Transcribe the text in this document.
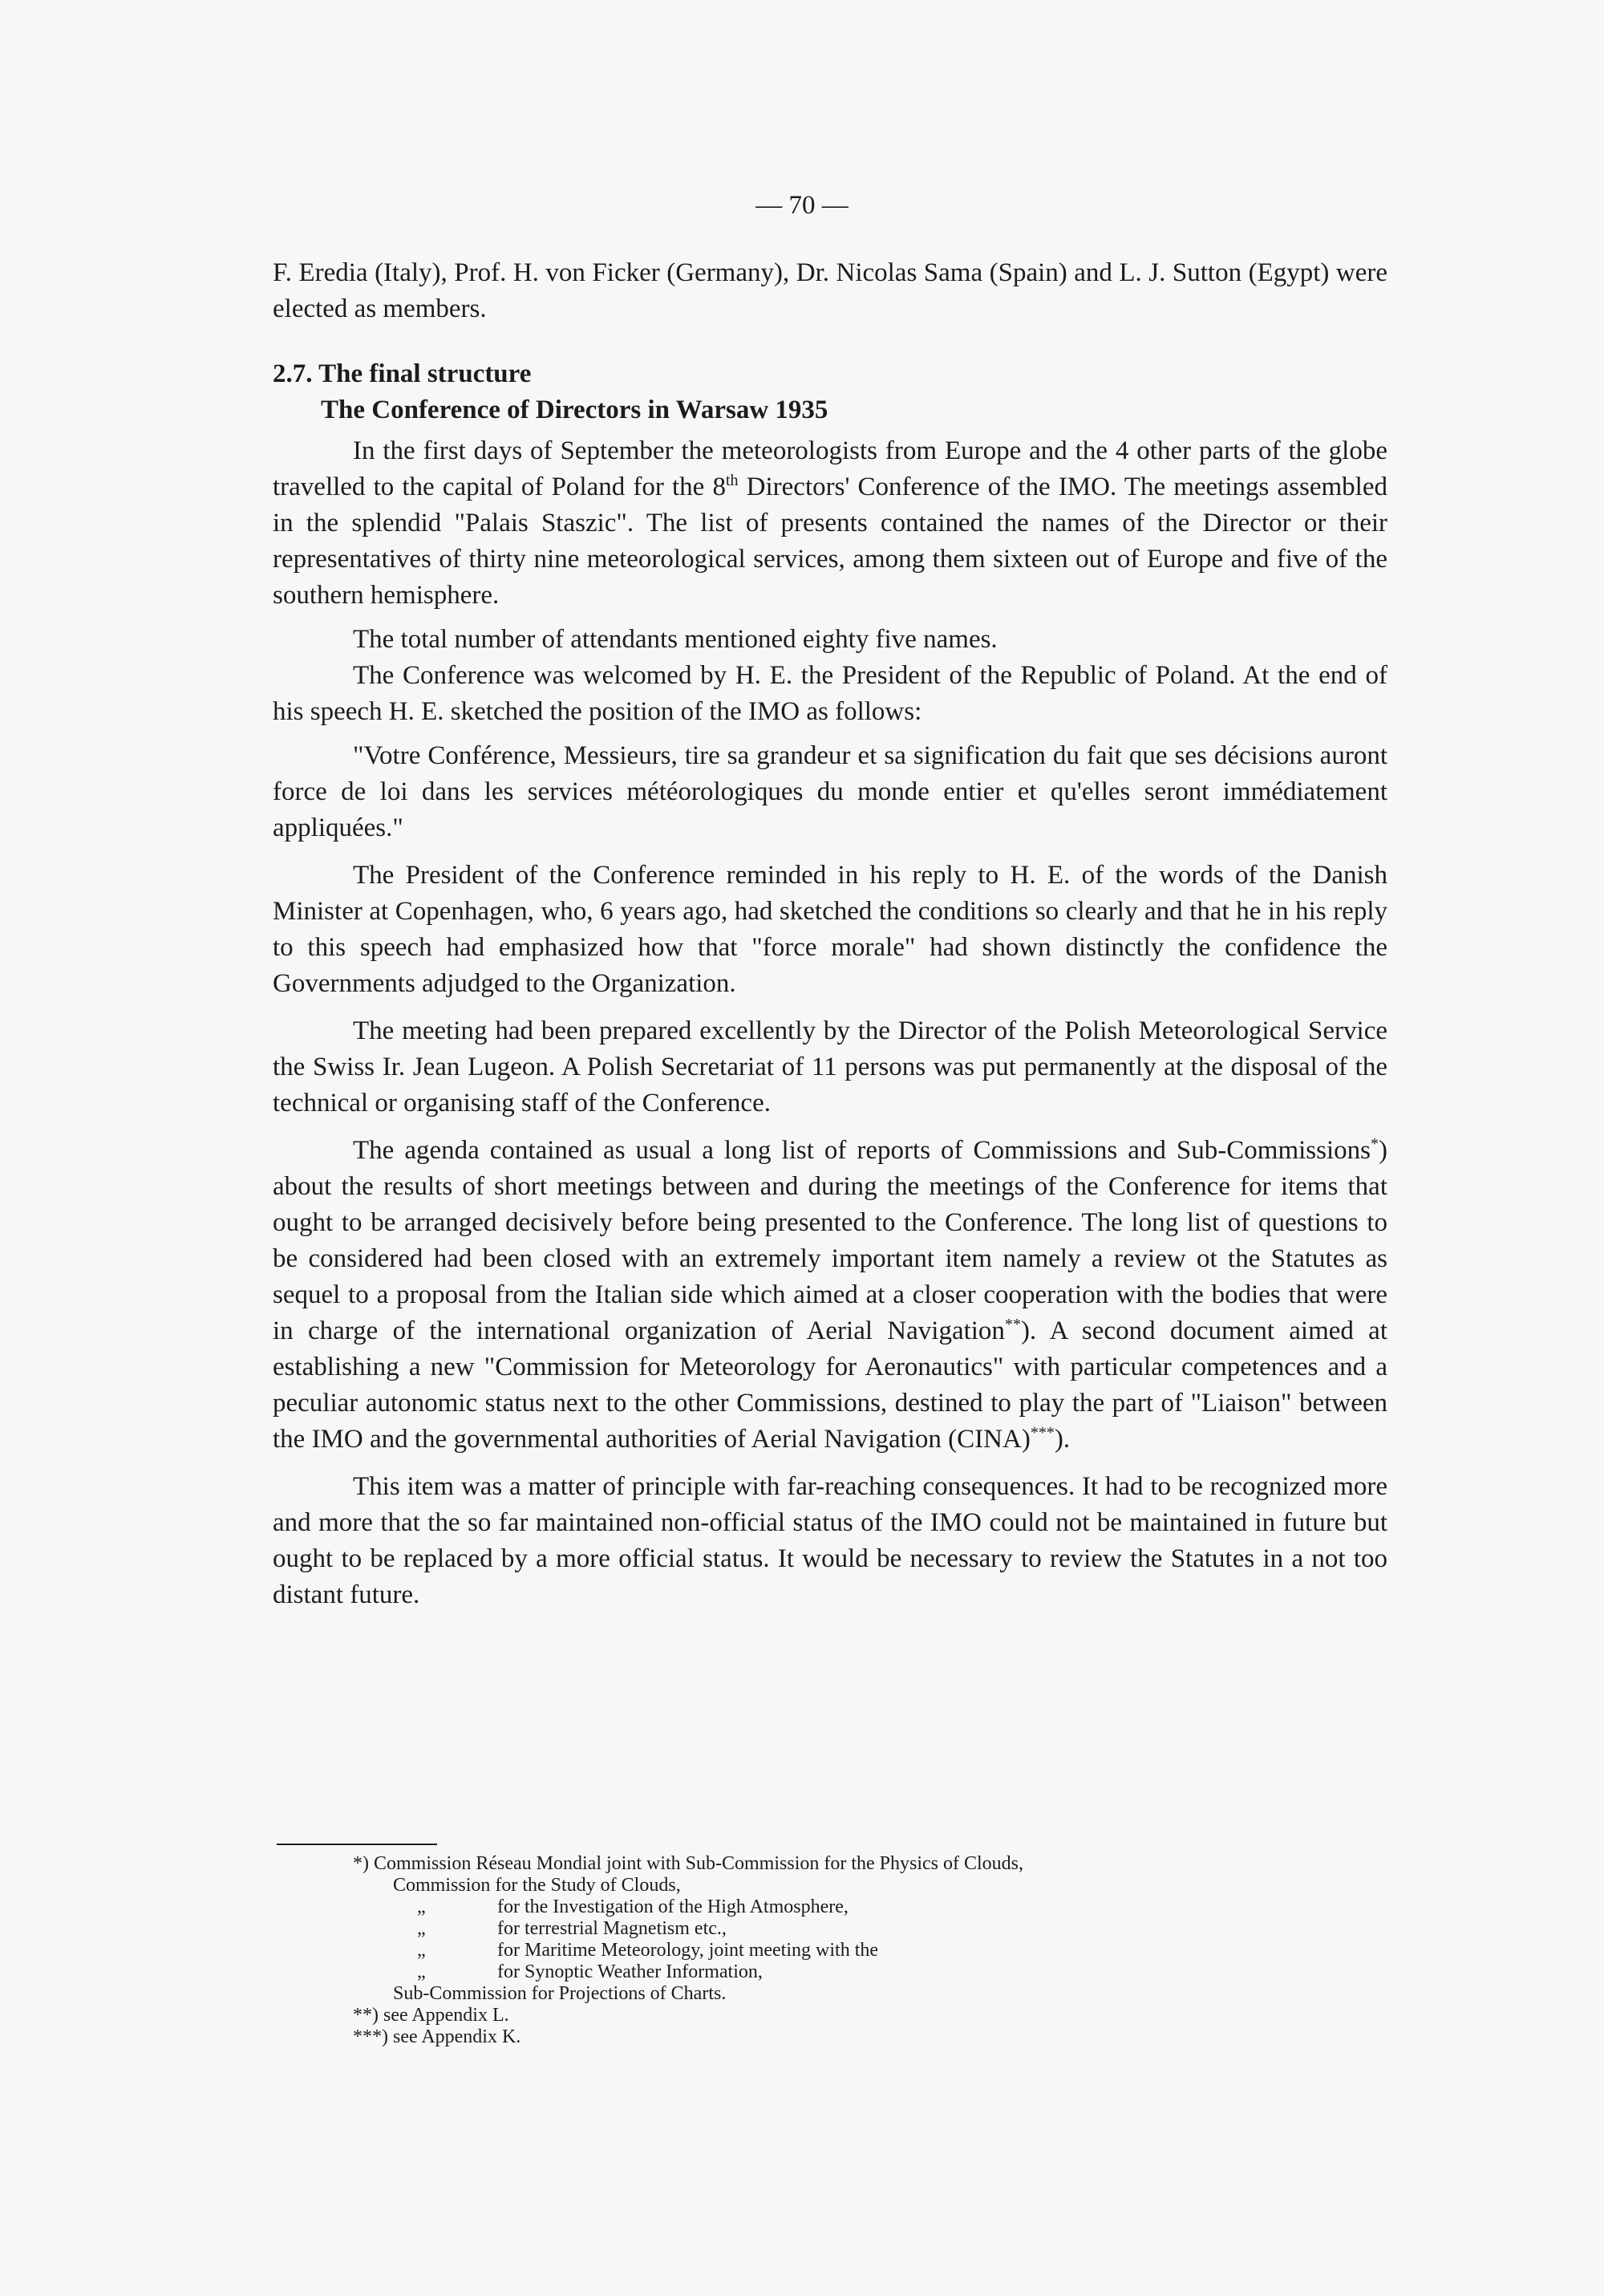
— 70 —

F. Eredia (Italy), Prof. H. von Ficker (Germany), Dr. Nicolas Sama (Spain) and L. J. Sutton (Egypt) were elected as members.

2.7. The final structure
The Conference of Directors in Warsaw 1935

In the first days of September the meteorologists from Europe and the 4 other parts of the globe travelled to the capital of Poland for the 8th Directors' Conference of the IMO. The meetings assembled in the splendid "Palais Staszic". The list of presents contained the names of the Director or their representatives of thirty nine meteorological services, among them sixteen out of Europe and five of the southern hemisphere.

The total number of attendants mentioned eighty five names.

The Conference was welcomed by H. E. the President of the Republic of Poland. At the end of his speech H. E. sketched the position of the IMO as follows:

"Votre Conférence, Messieurs, tire sa grandeur et sa signification du fait que ses décisions auront force de loi dans les services météorologiques du monde entier et qu'elles seront immédiatement appliquées."

The President of the Conference reminded in his reply to H. E. of the words of the Danish Minister at Copenhagen, who, 6 years ago, had sketched the conditions so clearly and that he in his reply to this speech had emphasized how that "force morale" had shown distinctly the confidence the Governments adjudged to the Organization.

The meeting had been prepared excellently by the Director of the Polish Meteorological Service the Swiss Ir. Jean Lugeon. A Polish Secretariat of 11 persons was put permanently at the disposal of the technical or organising staff of the Conference.

The agenda contained as usual a long list of reports of Commissions and Sub-Commissions*) about the results of short meetings between and during the meetings of the Conference for items that ought to be arranged decisively before being presented to the Conference. The long list of questions to be considered had been closed with an extremely important item namely a review ot the Statutes as sequel to a proposal from the Italian side which aimed at a closer cooperation with the bodies that were in charge of the international organization of Aerial Navigation**). A second document aimed at establishing a new "Commission for Meteorology for Aeronautics" with particular competences and a peculiar autonomic status next to the other Commissions, destined to play the part of "Liaison" between the IMO and the governmental authorities of Aerial Navigation (CINA)***).

This item was a matter of principle with far-reaching consequences. It had to be recognized more and more that the so far maintained non-official status of the IMO could not be maintained in future but ought to be replaced by a more official status. It would be necessary to review the Statutes in a not too distant future.

*) Commission Réseau Mondial joint with Sub-Commission for the Physics of Clouds,
Commission for the Study of Clouds,
„	for the Investigation of the High Atmosphere,
„	for terrestrial Magnetism etc.,
„	for Maritime Meteorology, joint meeting with the
„	for Synoptic Weather Information,
Sub-Commission for Projections of Charts.
**) see Appendix L.
***) see Appendix K.
